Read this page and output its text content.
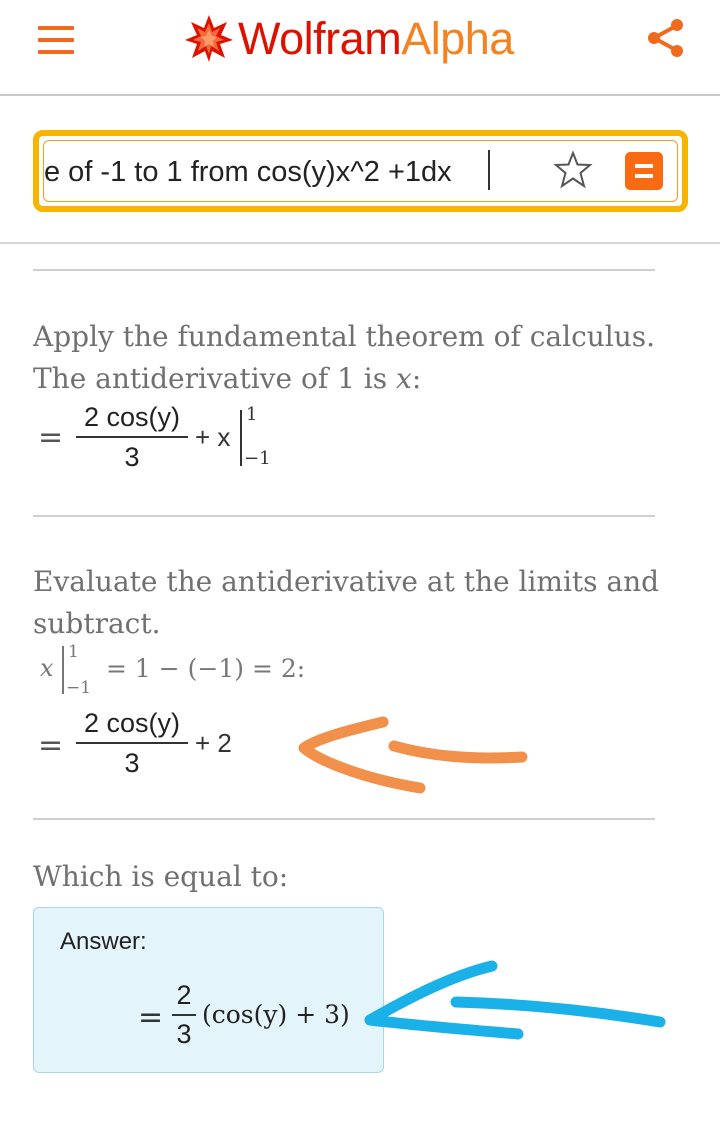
WolframAlpha
е of -1 to 1 from cos(y)x^2 +1dx
Apply the fundamental theorem of calculus.
The antiderivative of 1 is x:
=
2 cos(y)
3
+ x
1
−1
Evaluate the antiderivative at the limits and
subtract.
x
1
−1
= 1 − (−1) = 2:
=
2 cos(y)
3
+ 2
Which is equal to:
Answer:
=
2
3
(cos(y) + 3)
